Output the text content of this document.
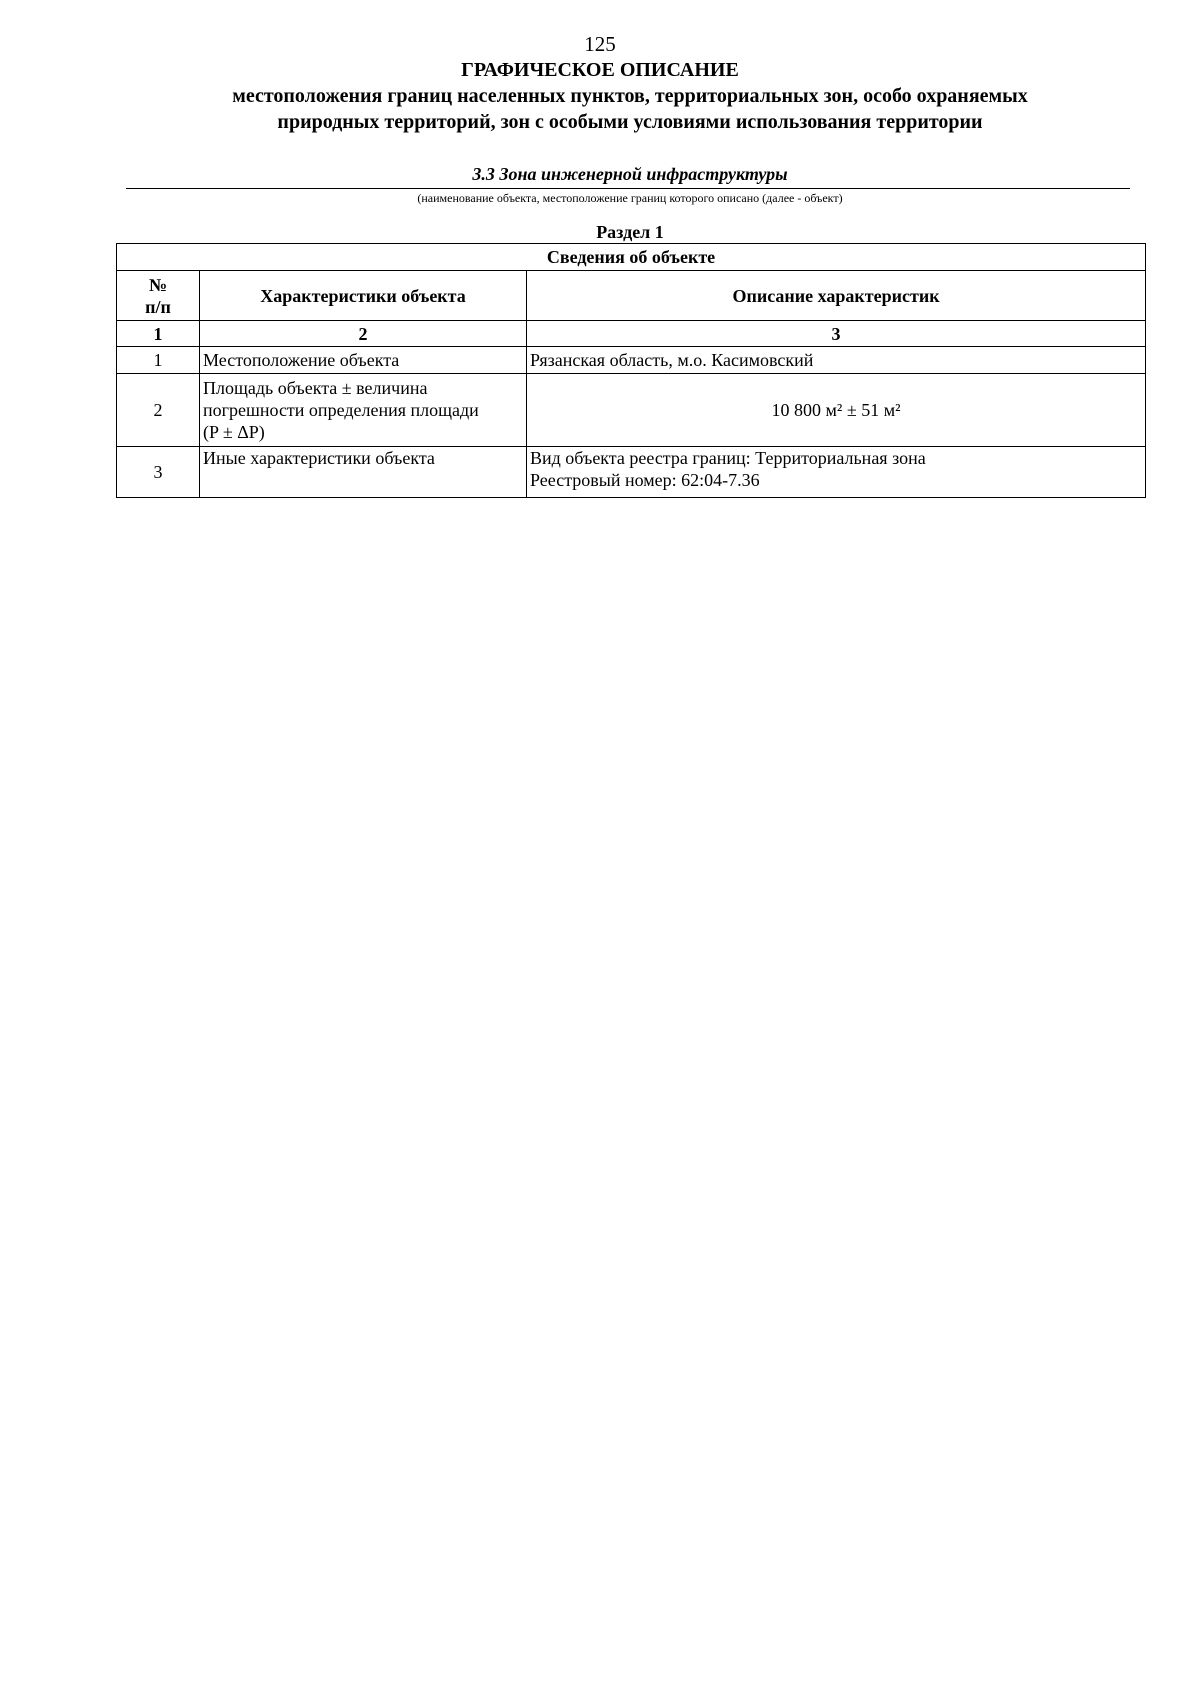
125
ГРАФИЧЕСКОЕ ОПИСАНИЕ
местоположения границ населенных пунктов, территориальных зон, особо охраняемых природных территорий, зон с особыми условиями использования территории
3.3 Зона инженерной инфраструктуры
(наименование объекта, местоположение границ которого описано (далее - объект)
Раздел 1
Сведения об объекте		

№
п/п	Характеристики объекта	Описание характеристик
1	2	3
1	Местоположение объекта	Рязанская область, м.о. Касимовский
2	Площадь объекта ± величина
погрешности определения площади
(P ± ΔP)	10 800 м² ± 51 м²
3	Иные характеристики объекта	Вид объекта реестра границ: Территориальная зона
Реестровый номер: 62:04-7.36
